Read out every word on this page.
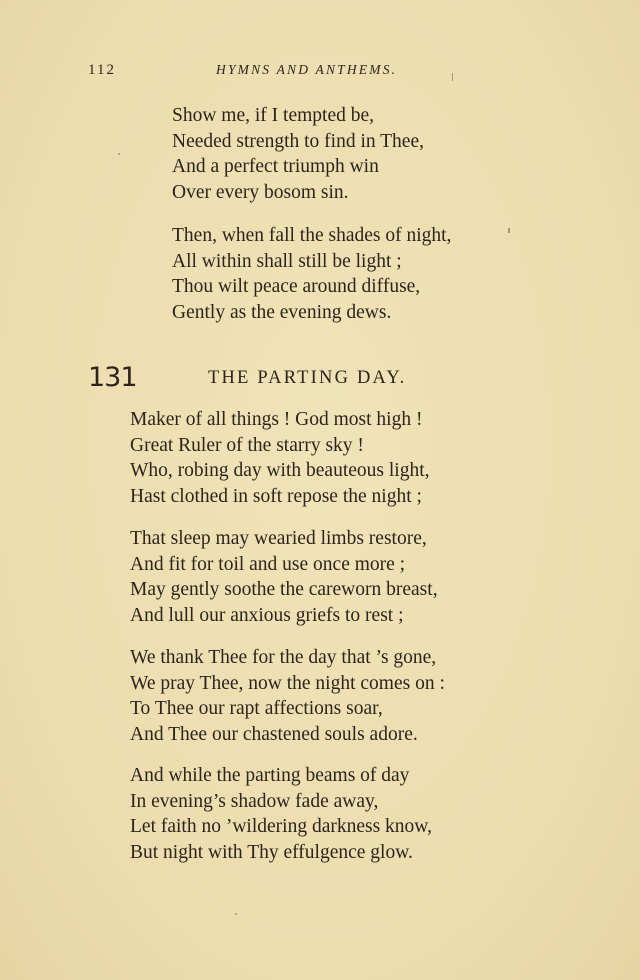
112	HYMNS AND ANTHEMS.
Show me, if I tempted be,
Needed strength to find in Thee,
And a perfect triumph win
Over every bosom sin.
Then, when fall the shades of night,
All within shall still be light ;
Thou wilt peace around diffuse,
Gently as the evening dews.
131	THE PARTING DAY.
Maker of all things ! God most high !
Great Ruler of the starry sky !
Who, robing day with beauteous light,
Hast clothed in soft repose the night ;
That sleep may wearied limbs restore,
And fit for toil and use once more ;
May gently soothe the careworn breast,
And lull our anxious griefs to rest ;
We thank Thee for the day that ’s gone,
We pray Thee, now the night comes on :
To Thee our rapt affections soar,
And Thee our chastened souls adore.
And while the parting beams of day
In evening’s shadow fade away,
Let faith no ’wildering darkness know,
But night with Thy effulgence glow.
